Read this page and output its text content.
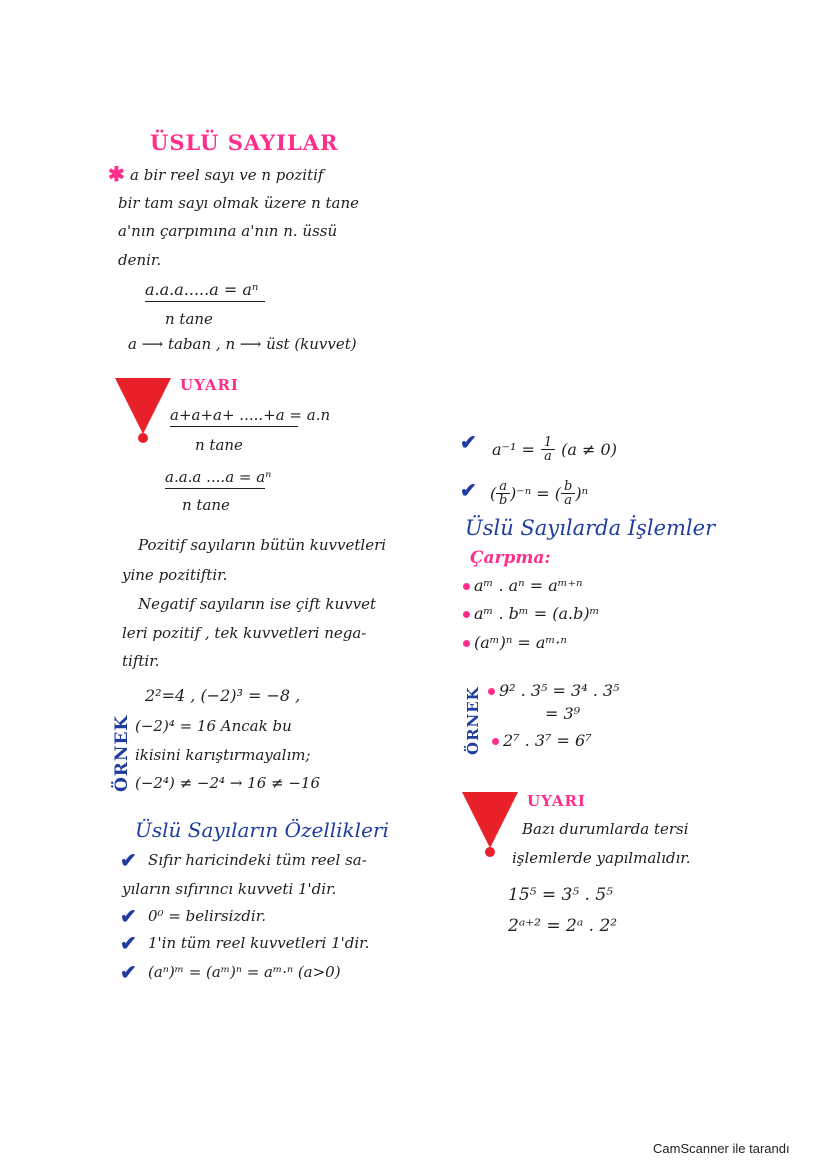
ÜSLÜ SAYILAR
✱ a bir reel sayı ve n pozitif
bir tam sayı olmak üzere n tane
a'nın çarpımına a'nın n. üssü
denir.
a.a.a.....a = aⁿ
n tane
a ⟶ taban , n ⟶ üst (kuvvet)
UYARI
a+a+a+ .....+a = a.n
n tane
a.a.a ....a = aⁿ
n tane
Pozitif sayıların bütün kuvvetleri
yine pozitiftir.
Negatif sayıların ise çift kuvvet
leri pozitif , tek kuvvetleri nega-
tiftir.
ÖRNEK
2²=4 , (−2)³ = −8 ,
(−2)⁴ = 16 Ancak bu
ikisini karıştırmayalım;
(−2⁴) ≠ −2⁴ → 16 ≠ −16
Üslü Sayıların Özellikleri
✔ Sıfır haricindeki tüm reel sa-
yıların sıfırıncı kuvveti 1'dir.
✔ 0⁰ = belirsizdir.
✔ 1'in tüm reel kuvvetleri 1'dir.
✔ (aⁿ)ᵐ = (aᵐ)ⁿ = aᵐ·ⁿ (a>0)
✔ $a^{-1} = \frac{1}{a} (a \ne 0)$
✔ ( $\frac{a}{b} )^{-n}$ = ( $\frac{b}{a} )^n$
Üslü Sayılarda İşlemler
Çarpma:
aᵐ . aⁿ = aᵐ⁺ⁿ
aᵐ . bᵐ = (a.b)ᵐ
(aᵐ)ⁿ = aᵐ·ⁿ
ÖRNEK	9² . 3⁵ = 3⁴ . 3⁵
= 3⁹
2⁷ . 3⁷ = 6⁷
UYARI
Bazı durumlarda tersi
işlemlerde yapılmalıdır.
15⁵ = 3⁵ . 5⁵
2ᵃ⁺² = 2ᵃ . 2²
CamScanner ile tarandı
